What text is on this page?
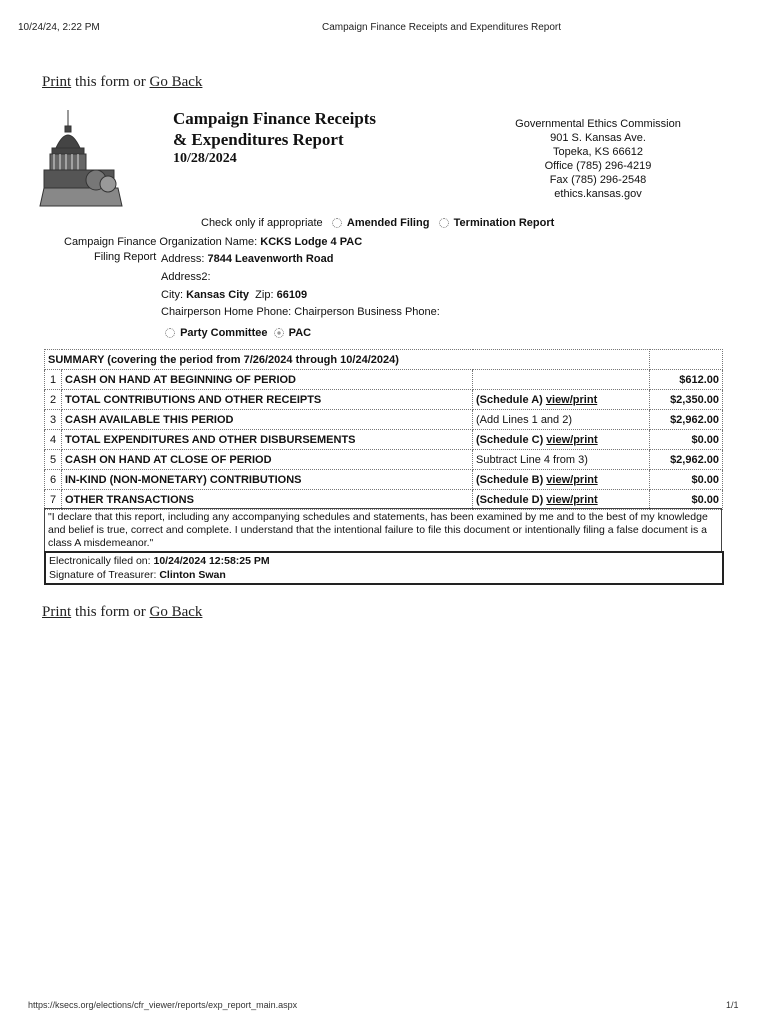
10/24/24, 2:22 PM	Campaign Finance Receipts and Expenditures Report
Print this form or Go Back
Campaign Finance Receipts
& Expenditures Report
10/28/2024
Governmental Ethics Commission
901 S. Kansas Ave.
Topeka, KS 66612
Office (785) 296-4219
Fax (785) 296-2548
ethics.kansas.gov
Check only if appropriate Amended Filing Termination Report
Campaign Finance Organization Name: KCKS Lodge 4 PAC
Filing Report Address: 7844 Leavenworth Road
Address2:
City: Kansas City Zip: 66109
Chairperson Home Phone: Chairperson Business Phone:
Party Committee PAC
SUMMARY (covering the period from 7/26/2024 through 10/24/2024)			
1	CASH ON HAND AT BEGINNING OF PERIOD		$612.00
2	TOTAL CONTRIBUTIONS AND OTHER RECEIPTS	(Schedule A) view/print	$2,350.00
3	CASH AVAILABLE THIS PERIOD	(Add Lines 1 and 2)	$2,962.00
4	TOTAL EXPENDITURES AND OTHER DISBURSEMENTS	(Schedule C) view/print	$0.00
5	CASH ON HAND AT CLOSE OF PERIOD	Subtract Line 4 from 3)	$2,962.00
6	IN-KIND (NON-MONETARY) CONTRIBUTIONS	(Schedule B) view/print	$0.00
7	OTHER TRANSACTIONS	(Schedule D) view/print	$0.00
"I declare that this report, including any accompanying schedules and statements, has been examined by me and to the best of my knowledge and belief is true, correct and complete. I understand that the intentional failure to file this document or intentionally filing a false document is a class A misdemeanor."
Electronically filed on: 10/24/2024 12:58:25 PM
Signature of Treasurer: Clinton Swan
Print this form or Go Back
https://ksecs.org/elections/cfr_viewer/reports/exp_report_main.aspx	1/1
